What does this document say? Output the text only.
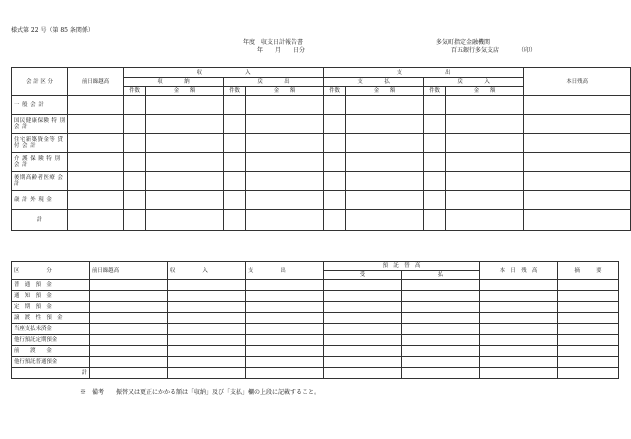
様式第 22 号（第 85 条関係）
年度　収支日計報告書
年　　月　　日分
多気町指定金融機関
百五銀行多気支店	（印）
会 計 区 分	前日繰越高	収　　　　　　　　入				支　　　　　　　　出				本日残高
		収　　　　納		戻　　　　出		支　　　　払		戻　　　　入		
		件数	金　　額	件数	金　　額	件数	金　　額	件数	金　　額	
一 般 会 計										
国民健康保険 特 別 会 計										
住宅新築資金等 貸 付 会 計										
介 護 保 険 特 別 会 計										
後期高齢者医療 会　　　計										
歳 計 外 現 金										
計										
区　　　　　分	前日繰越高	収　　　　　入	支　　　　　出	預　託　替　高		本　日　残　高	摘　　　要
				受	払		
普　通　預　金							
通　知　預　金							
定　期　預　金							
譲　渡　性　預　金							
当座支払未済金							
他行預託定期預金							
前　　渡　　金							
他行預託普通預金							
計							
※　備考　　振替又は更正にかかる額は「収納」及び「支払」欄の上段に記載すること。
